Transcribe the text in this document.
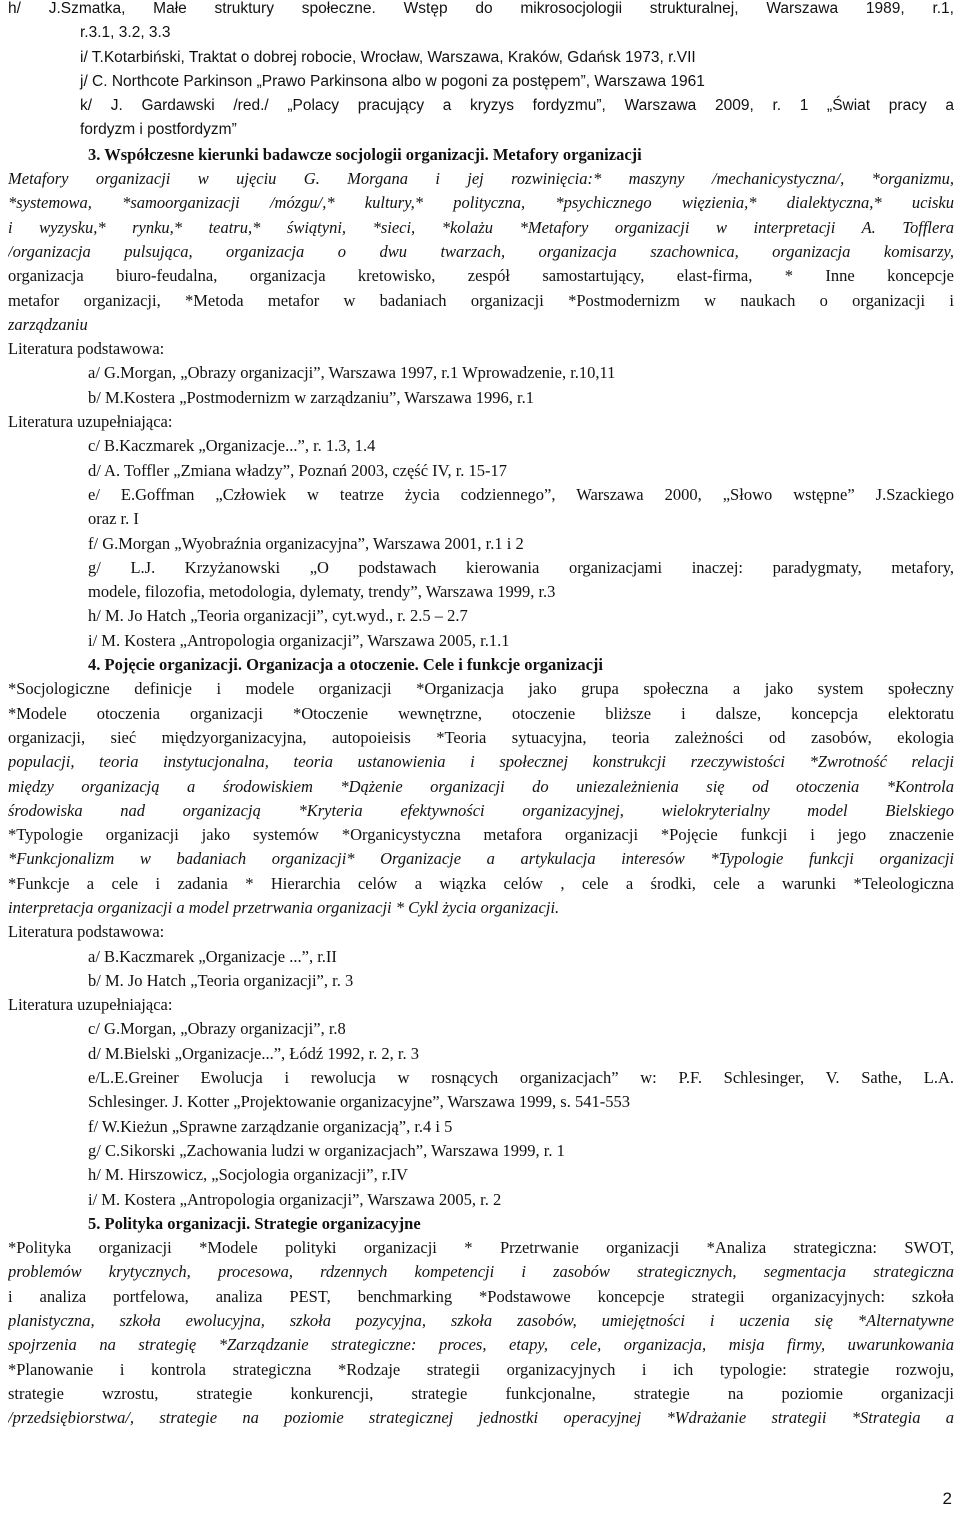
h/ J.Szmatka, Małe struktury społeczne. Wstęp do mikrosocjologii strukturalnej, Warszawa 1989, r.1,
r.3.1, 3.2, 3.3
i/ T.Kotarbiński, Traktat o dobrej robocie, Wrocław, Warszawa, Kraków, Gdańsk 1973, r.VII
j/ C. Northcote Parkinson „Prawo Parkinsona albo w pogoni za postępem”, Warszawa 1961
k/ J. Gardawski /red./ „Polacy pracujący a kryzys fordyzmu”, Warszawa 2009, r. 1 „Świat pracy a
fordyzm i postfordyzm”
3. Współczesne kierunki badawcze socjologii organizacji. Metafory organizacji
Metafory organizacji w ujęciu G. Morgana i jej rozwinięcia:* maszyny /mechanicystyczna/, *organizmu,
*systemowa, *samoorganizacji /mózgu/,* kultury,* polityczna, *psychicznego więzienia,* dialektyczna,* ucisku
i wyzysku,* rynku,* teatru,* świątyni, *sieci, *kolażu *Metafory organizacji w interpretacji A. Tofflera
/organizacja pulsująca, organizacja o dwu twarzach, organizacja szachownica, organizacja komisarzy,
organizacja biuro-feudalna, organizacja kretowisko, zespół samostartujący, elast-firma, * Inne koncepcje
metafor organizacji, *Metoda metafor w badaniach organizacji *Postmodernizm w naukach o organizacji i
zarządzaniu
Literatura podstawowa:
a/ G.Morgan, „Obrazy organizacji”, Warszawa 1997, r.1 Wprowadzenie, r.10,11
b/ M.Kostera „Postmodernizm w zarządzaniu”, Warszawa 1996, r.1
Literatura uzupełniająca:
c/ B.Kaczmarek „Organizacje...”, r. 1.3, 1.4
d/ A. Toffler „Zmiana władzy”, Poznań 2003, część IV, r. 15-17
e/ E.Goffman „Człowiek w teatrze życia codziennego”, Warszawa 2000, „Słowo wstępne” J.Szackiego
oraz r. I
f/ G.Morgan „Wyobraźnia organizacyjna”, Warszawa 2001, r.1 i 2
g/ L.J. Krzyżanowski „O podstawach kierowania organizacjami inaczej: paradygmaty, metafory,
modele, filozofia, metodologia, dylematy, trendy”, Warszawa 1999, r.3
h/ M. Jo Hatch „Teoria organizacji”, cyt.wyd., r. 2.5 – 2.7
i/ M. Kostera „Antropologia organizacji”, Warszawa 2005, r.1.1
4. Pojęcie organizacji. Organizacja a otoczenie. Cele i funkcje organizacji
*Socjologiczne definicje i modele organizacji *Organizacja jako grupa społeczna a jako system społeczny
*Modele otoczenia organizacji *Otoczenie wewnętrzne, otoczenie bliższe i dalsze, koncepcja elektoratu
organizacji, sieć międzyorganizacyjna, autopoieisis *Teoria sytuacyjna, teoria zależności od zasobów, ekologia
populacji, teoria instytucjonalna, teoria ustanowienia i społecznej konstrukcji rzeczywistości *Zwrotność relacji
między organizacją a środowiskiem *Dążenie organizacji do uniezależnienia się od otoczenia *Kontrola
środowiska nad organizacją *Kryteria efektywności organizacyjnej, wielokryterialny model Bielskiego
*Typologie organizacji jako systemów *Organicystyczna metafora organizacji *Pojęcie funkcji i jego znaczenie
*Funkcjonalizm w badaniach organizacji* Organizacje a artykulacja interesów *Typologie funkcji organizacji
*Funkcje a cele i zadania * Hierarchia celów a wiązka celów , cele a środki, cele a warunki *Teleologiczna
interpretacja organizacji a model przetrwania organizacji * Cykl życia organizacji.
Literatura podstawowa:
a/ B.Kaczmarek „Organizacje ...”, r.II
b/ M. Jo Hatch „Teoria organizacji”, r. 3
Literatura uzupełniająca:
c/ G.Morgan, „Obrazy organizacji”, r.8
d/ M.Bielski „Organizacje...”, Łódź 1992, r. 2, r. 3
e/L.E.Greiner Ewolucja i rewolucja w rosnących organizacjach” w: P.F. Schlesinger, V. Sathe, L.A.
Schlesinger. J. Kotter „Projektowanie organizacyjne”, Warszawa 1999, s. 541-553
f/ W.Kieżun „Sprawne zarządzanie organizacją”, r.4 i 5
g/ C.Sikorski „Zachowania ludzi w organizacjach”, Warszawa 1999, r. 1
h/ M. Hirszowicz, „Socjologia organizacji”, r.IV
i/ M. Kostera „Antropologia organizacji”, Warszawa 2005, r. 2
5. Polityka organizacji. Strategie organizacyjne
*Polityka organizacji *Modele polityki organizacji * Przetrwanie organizacji *Analiza strategiczna: SWOT,
problemów krytycznych, procesowa, rdzennych kompetencji i zasobów strategicznych, segmentacja strategiczna
i analiza portfelowa, analiza PEST, benchmarking *Podstawowe koncepcje strategii organizacyjnych: szkoła
planistyczna, szkoła ewolucyjna, szkoła pozycyjna, szkoła zasobów, umiejętności i uczenia się *Alternatywne
spojrzenia na strategię *Zarządzanie strategiczne: proces, etapy, cele, organizacja, misja firmy, uwarunkowania
*Planowanie i kontrola strategiczna *Rodzaje strategii organizacyjnych i ich typologie: strategie rozwoju,
strategie wzrostu, strategie konkurencji, strategie funkcjonalne, strategie na poziomie organizacji
/przedsiębiorstwa/, strategie na poziomie strategicznej jednostki operacyjnej *Wdrażanie strategii *Strategia a
2
